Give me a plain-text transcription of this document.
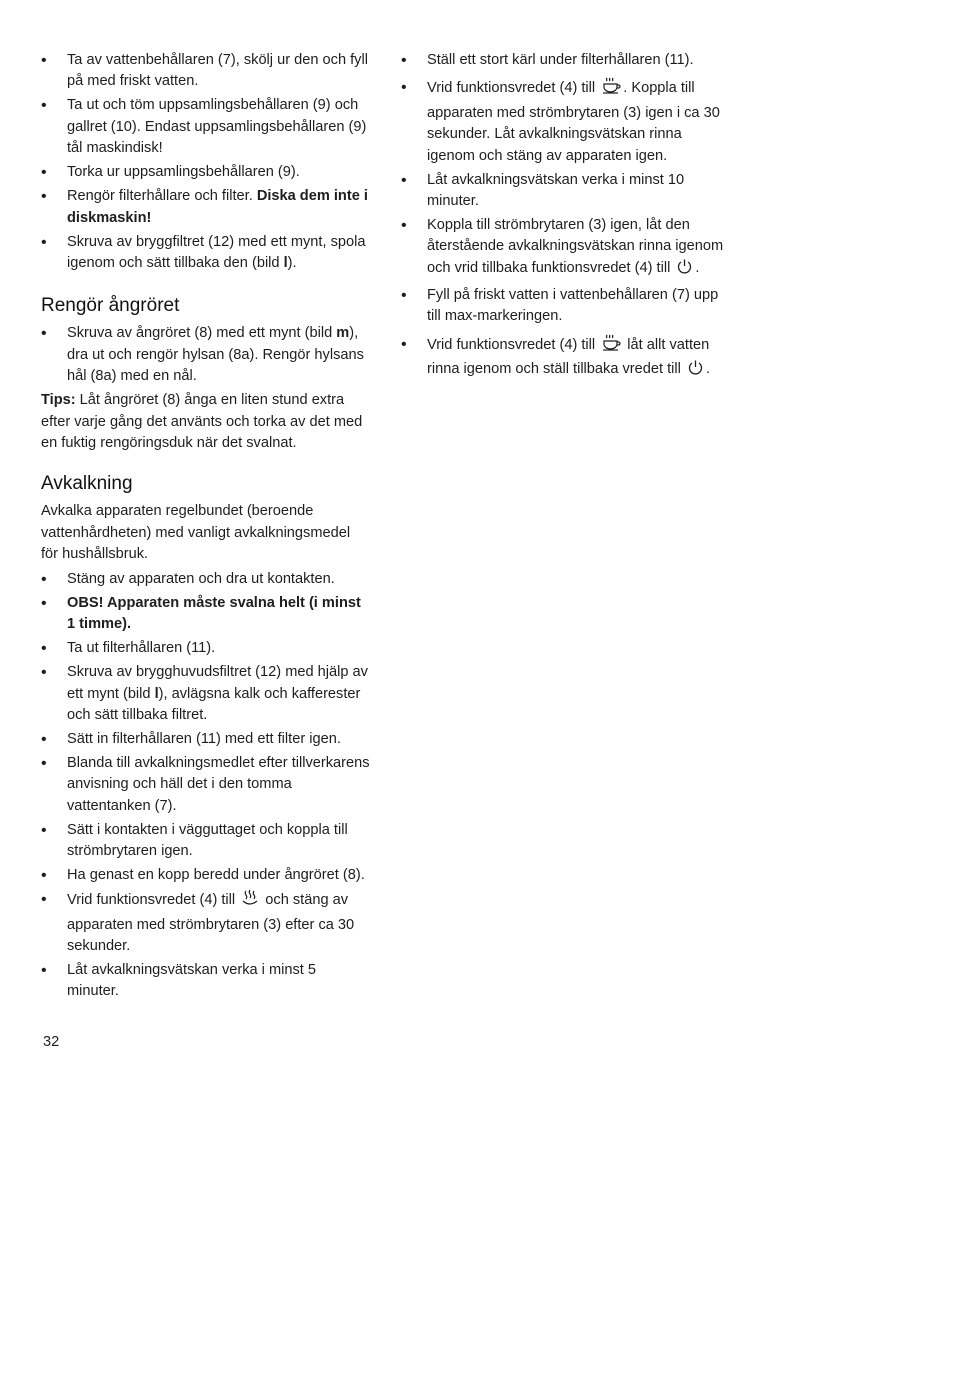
• Ta av vattenbehållaren (7), skölj ur den och fyll på med friskt vatten.

• Ta ut och töm uppsamlingsbehållaren (9) och gallret (10). Endast uppsamlingsbehållaren (9) tål maskindisk!

• Torka ur uppsamlingsbehållaren (9).

• Rengör filterhållare och filter. Diska dem inte i diskmaskin!

• Skruva av bryggfiltret (12) med ett mynt, spola igenom och sätt tillbaka den (bild l).

Rengör ångröret

• Skruva av ångröret (8) med ett mynt (bild m), dra ut och rengör hylsan (8a). Rengör hylsans hål (8a) med en nål.

Tips: Låt ångröret (8) ånga en liten stund extra efter varje gång det använts och torka av det med en fuktig rengöringsduk när det svalnat.

Avkalkning

Avkalka apparaten regelbundet (beroende vattenhårdheten) med vanligt avkalkningsmedel för hushållsbruk.

• Stäng av apparaten och dra ut kontakten.

• OBS! Apparaten måste svalna helt (i minst 1 timme).

• Ta ut filterhållaren (11).

• Skruva av brygghuvudsfiltret (12) med hjälp av ett mynt (bild l), avlägsna kalk och kafferester och sätt tillbaka filtret.

• Sätt in filterhållaren (11) med ett filter igen.

• Blanda till avkalkningsmedlet efter tillverkarens anvisning och häll det i den tomma vattentanken (7).

• Sätt i kontakten i vägguttaget och koppla till strömbrytaren igen.

• Ha genast en kopp beredd under ångröret (8).

• Vrid funktionsvredet (4) till och stäng av apparaten med strömbrytaren (3) efter ca 30 sekunder.

• Låt avkalkningsvätskan verka i minst 5 minuter.

• Ställ ett stort kärl under filterhållaren (11).

• Vrid funktionsvredet (4) till . Koppla till apparaten med strömbrytaren (3) igen i ca 30 sekunder. Låt avkalkningsvätskan rinna igenom och stäng av apparaten igen.

• Låt avkalkningsvätskan verka i minst 10 minuter.

• Koppla till strömbrytaren (3) igen, låt den återstående avkalkningsvätskan rinna igenom och vrid tillbaka funktionsvredet (4) till .

• Fyll på friskt vatten i vattenbehållaren (7) upp till max-markeringen.

• Vrid funktionsvredet (4) till låt allt vatten rinna igenom och ställ tillbaka vredet till .

32
